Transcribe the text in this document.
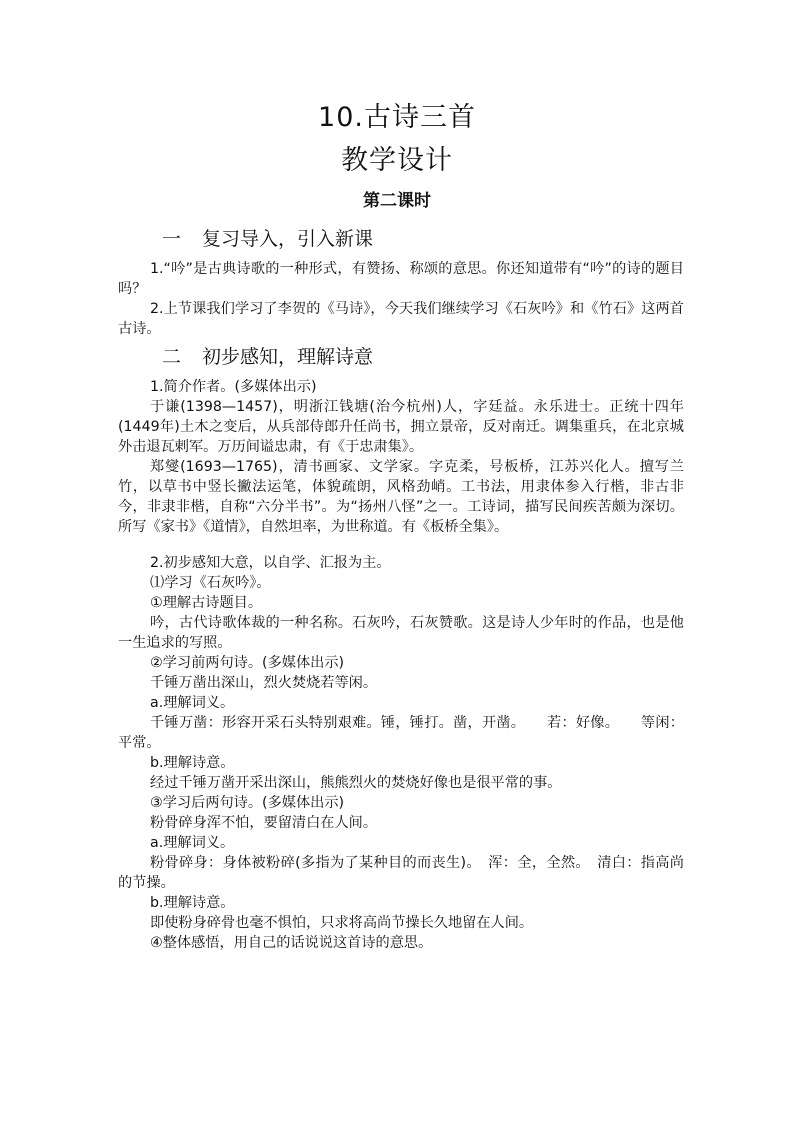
10.古诗三首
教学设计
第二课时
一 复习导入，引入新课

1.“吟”是古典诗歌的一种形式，有赞扬、称颂的意思。你还知道带有“吟”的诗的题目吗？

2.上节课我们学习了李贺的《马诗》，今天我们继续学习《石灰吟》和《竹石》这两首古诗。

二 初步感知，理解诗意

1.简介作者。(多媒体出示)

于谦(1398—1457)，明浙江钱塘(治今杭州)人，字廷益。永乐进士。正统十四年(1449年)土木之变后，从兵部侍郎升任尚书，拥立景帝，反对南迁。调集重兵，在北京城外击退瓦剌军。万历间谥忠肃，有《于忠肃集》。

郑燮(1693—1765)，清书画家、文学家。字克柔，号板桥，江苏兴化人。擅写兰竹，以草书中竖长撇法运笔，体貌疏朗，风格劲峭。工书法，用隶体参入行楷，非古非今，非隶非楷，自称“六分半书”。为“扬州八怪”之一。工诗词，描写民间疾苦颇为深切。所写《家书》《道情》，自然坦率，为世称道。有《板桥全集》。

2.初步感知大意，以自学、汇报为主。

⑴学习《石灰吟》。

①理解古诗题目。

吟，古代诗歌体裁的一种名称。石灰吟，石灰赞歌。这是诗人少年时的作品，也是他一生追求的写照。

②学习前两句诗。(多媒体出示)

千锤万凿出深山，烈火焚烧若等闲。

a.理解词义。

千锤万凿：形容开采石头特别艰难。锤，锤打。凿，开凿。　　若：好像。　　等闲：平常。

b.理解诗意。

经过千锤万凿开采出深山，熊熊烈火的焚烧好像也是很平常的事。

③学习后两句诗。(多媒体出示)

粉骨碎身浑不怕，要留清白在人间。

a.理解词义。

粉骨碎身：身体被粉碎(多指为了某种目的而丧生)。　浑：全，全然。　清白：指高尚的节操。

b.理解诗意。

即使粉身碎骨也毫不惧怕，只求将高尚节操长久地留在人间。

④整体感悟，用自己的话说说这首诗的意思。
